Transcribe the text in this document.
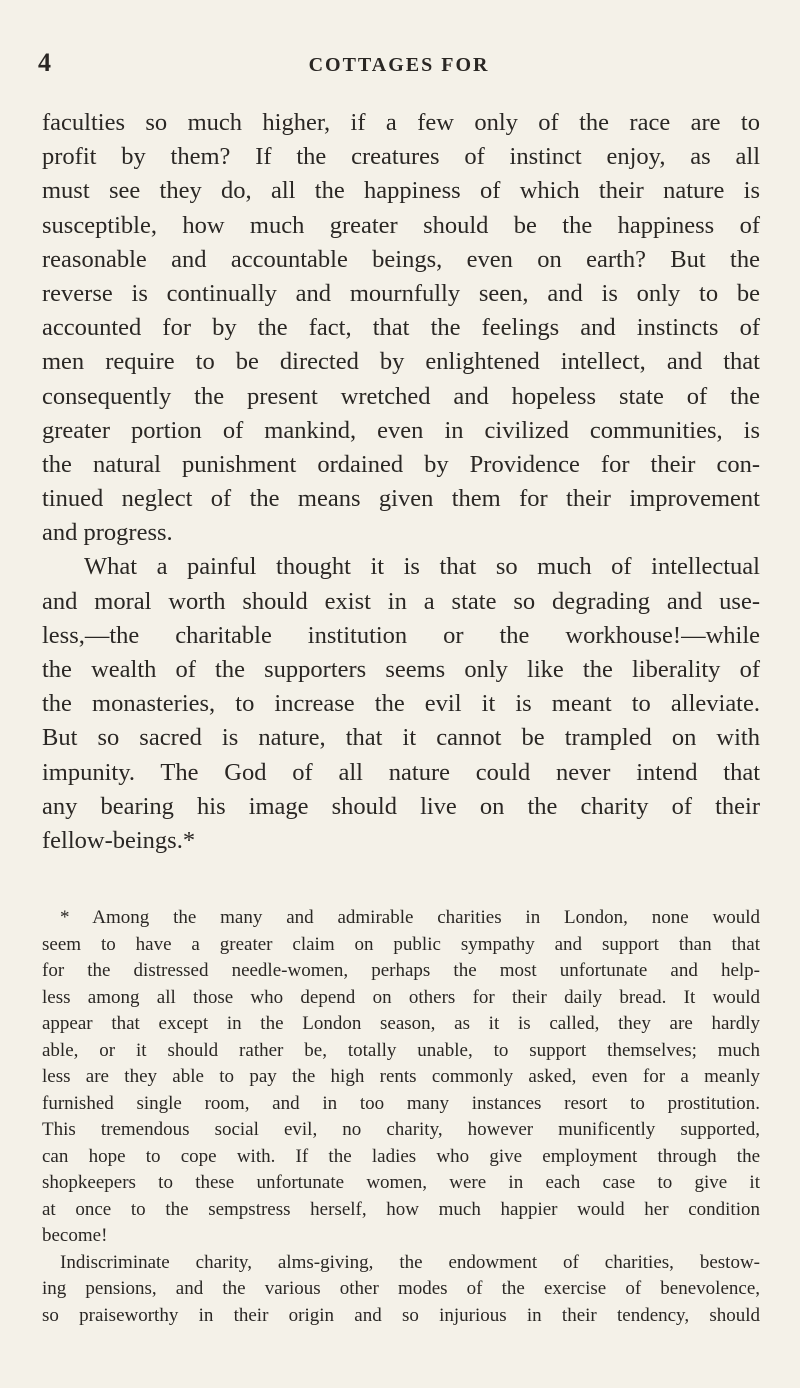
4	COTTAGES FOR
faculties so much higher, if a few only of the race are to
profit by them? If the creatures of instinct enjoy, as all
must see they do, all the happiness of which their nature is
susceptible, how much greater should be the happiness of
reasonable and accountable beings, even on earth? But the
reverse is continually and mournfully seen, and is only to be
accounted for by the fact, that the feelings and instincts of
men require to be directed by enlightened intellect, and that
consequently the present wretched and hopeless state of the
greater portion of mankind, even in civilized communities, is
the natural punishment ordained by Providence for their con-
tinued neglect of the means given them for their improvement
and progress.
What a painful thought it is that so much of intellectual
and moral worth should exist in a state so degrading and use-
less,—the charitable institution or the workhouse!—while
the wealth of the supporters seems only like the liberality of
the monasteries, to increase the evil it is meant to alleviate.
But so sacred is nature, that it cannot be trampled on with
impunity. The God of all nature could never intend that
any bearing his image should live on the charity of their
fellow-beings.*
* Among the many and admirable charities in London, none would
seem to have a greater claim on public sympathy and support than that
for the distressed needle-women, perhaps the most unfortunate and help-
less among all those who depend on others for their daily bread. It would
appear that except in the London season, as it is called, they are hardly
able, or it should rather be, totally unable, to support themselves; much
less are they able to pay the high rents commonly asked, even for a meanly
furnished single room, and in too many instances resort to prostitution.
This tremendous social evil, no charity, however munificently supported,
can hope to cope with. If the ladies who give employment through the
shopkeepers to these unfortunate women, were in each case to give it
at once to the sempstress herself, how much happier would her condition
become!
Indiscriminate charity, alms-giving, the endowment of charities, bestow-
ing pensions, and the various other modes of the exercise of benevolence,
so praiseworthy in their origin and so injurious in their tendency, should
